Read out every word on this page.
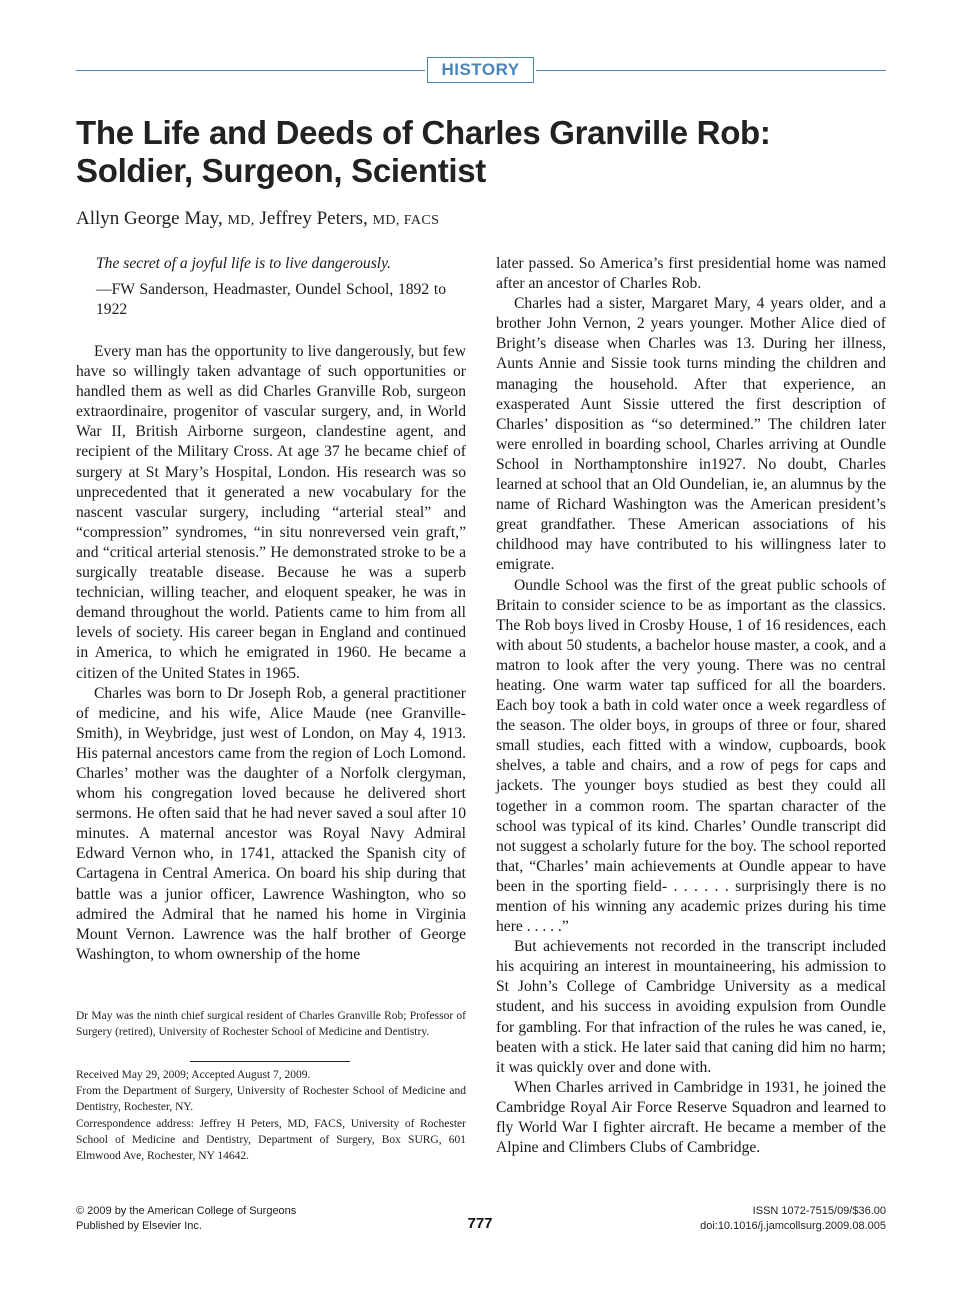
HISTORY
The Life and Deeds of Charles Granville Rob: Soldier, Surgeon, Scientist
Allyn George May, MD, Jeffrey Peters, MD, FACS

The secret of a joyful life is to live dangerously.

—FW Sanderson, Headmaster, Oundel School, 1892 to 1922

Every man has the opportunity to live dangerously, but few have so willingly taken advantage of such opportunities or handled them as well as did Charles Granville Rob, surgeon extraordinaire, progenitor of vascular surgery, and, in World War II, British Airborne surgeon, clandestine agent, and recipient of the Military Cross. At age 37 he became chief of surgery at St Mary’s Hospital, London. His research was so unprecedented that it generated a new vocabulary for the nascent vascular surgery, including “arterial steal” and “compression” syndromes, “in situ nonreversed vein graft,” and “critical arterial stenosis.” He demonstrated stroke to be a surgically treatable disease. Because he was a superb technician, willing teacher, and eloquent speaker, he was in demand throughout the world. Patients came to him from all levels of society. His career began in England and continued in America, to which he emigrated in 1960. He became a citizen of the United States in 1965.

Charles was born to Dr Joseph Rob, a general practitioner of medicine, and his wife, Alice Maude (nee Granville-Smith), in Weybridge, just west of London, on May 4, 1913. His paternal ancestors came from the region of Loch Lomond. Charles’ mother was the daughter of a Norfolk clergyman, whom his congregation loved because he delivered short sermons. He often said that he had never saved a soul after 10 minutes. A maternal ancestor was Royal Navy Admiral Edward Vernon who, in 1741, attacked the Spanish city of Cartagena in Central America. On board his ship during that battle was a junior officer, Lawrence Washington, who so admired the Admiral that he named his home in Virginia Mount Vernon. Lawrence was the half brother of George Washington, to whom ownership of the home

later passed. So America’s first presidential home was named after an ancestor of Charles Rob.

Charles had a sister, Margaret Mary, 4 years older, and a brother John Vernon, 2 years younger. Mother Alice died of Bright’s disease when Charles was 13. During her illness, Aunts Annie and Sissie took turns minding the children and managing the household. After that experience, an exasperated Aunt Sissie uttered the first description of Charles’ disposition as “so determined.” The children later were enrolled in boarding school, Charles arriving at Oundle School in Northamptonshire in1927. No doubt, Charles learned at school that an Old Oundelian, ie, an alumnus by the name of Richard Washington was the American president’s great grandfather. These American associations of his childhood may have contributed to his willingness later to emigrate.

Oundle School was the first of the great public schools of Britain to consider science to be as important as the classics. The Rob boys lived in Crosby House, 1 of 16 residences, each with about 50 students, a bachelor house master, a cook, and a matron to look after the very young. There was no central heating. One warm water tap sufficed for all the boarders. Each boy took a bath in cold water once a week regardless of the season. The older boys, in groups of three or four, shared small studies, each fitted with a window, cupboards, book shelves, a table and chairs, and a row of pegs for caps and jackets. The younger boys studied as best they could all together in a common room. The spartan character of the school was typical of its kind. Charles’ Oundle transcript did not suggest a scholarly future for the boy. The school reported that, “Charles’ main achievements at Oundle appear to have been in the sporting field- . . . . . . surprisingly there is no mention of his winning any academic prizes during his time here . . . . .”

But achievements not recorded in the transcript included his acquiring an interest in mountaineering, his admission to St John’s College of Cambridge University as a medical student, and his success in avoiding expulsion from Oundle for gambling. For that infraction of the rules he was caned, ie, beaten with a stick. He later said that caning did him no harm; it was quickly over and done with.

When Charles arrived in Cambridge in 1931, he joined the Cambridge Royal Air Force Reserve Squadron and learned to fly World War I fighter aircraft. He became a member of the Alpine and Climbers Clubs of Cambridge.

Dr May was the ninth chief surgical resident of Charles Granville Rob; Professor of Surgery (retired), University of Rochester School of Medicine and Dentistry.

Received May 29, 2009; Accepted August 7, 2009.

From the Department of Surgery, University of Rochester School of Medicine and Dentistry, Rochester, NY.

Correspondence address: Jeffrey H Peters, MD, FACS, University of Rochester School of Medicine and Dentistry, Department of Surgery, Box SURG, 601 Elmwood Ave, Rochester, NY 14642.

© 2009 by the American College of Surgeons
Published by Elsevier Inc.	777
ISSN 1072-7515/09/$36.00
doi:10.1016/j.jamcollsurg.2009.08.005
